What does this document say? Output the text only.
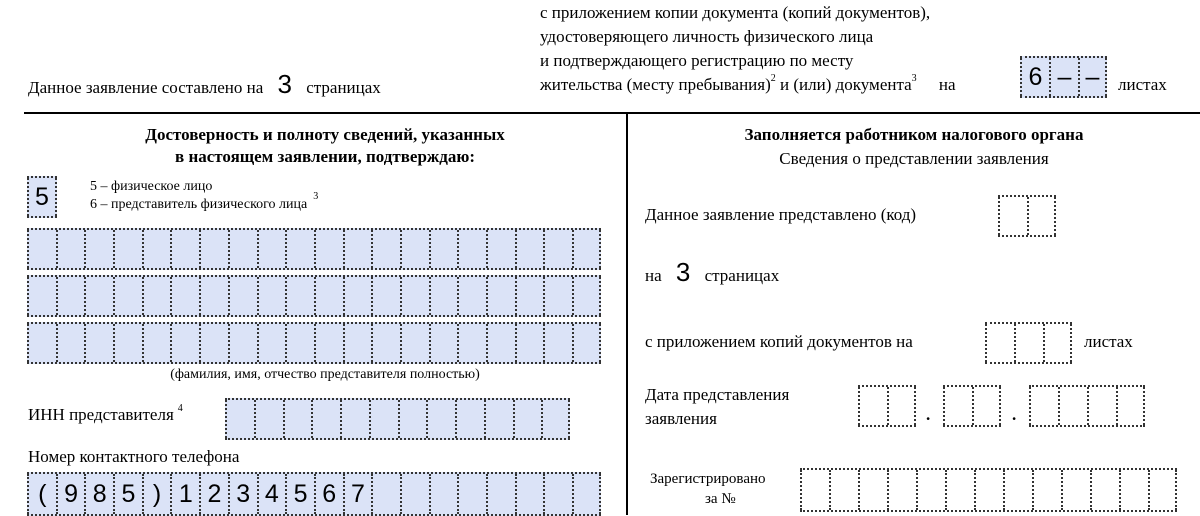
Данное заявление составлено на 3 страницах
с приложением копии документа (копий документов),
удостоверяющего личность физического лица
и подтверждающего регистрацию по месту
жительства (месту пребывания)$^2$ и (или) документа$^3$ на	6 – –	листах
Достоверность и полноту сведений, указанных
в настоящем заявлении, подтверждаю:
5	5 – физическое лицо
6 – представитель физического лица$^3$
(фамилия, имя, отчество представителя полностью)
ИНН представителя $^4$
Номер контактного телефона
( 9 8 5 ) 1 2 3 4 5 6 7
Заполняется работником налогового органа
Сведения о представлении заявления
Данное заявление представлено (код)
на 3 страницах
с приложением копий документов на	листах
Дата представления
заявления	.	.
Зарегистрировано
за №
